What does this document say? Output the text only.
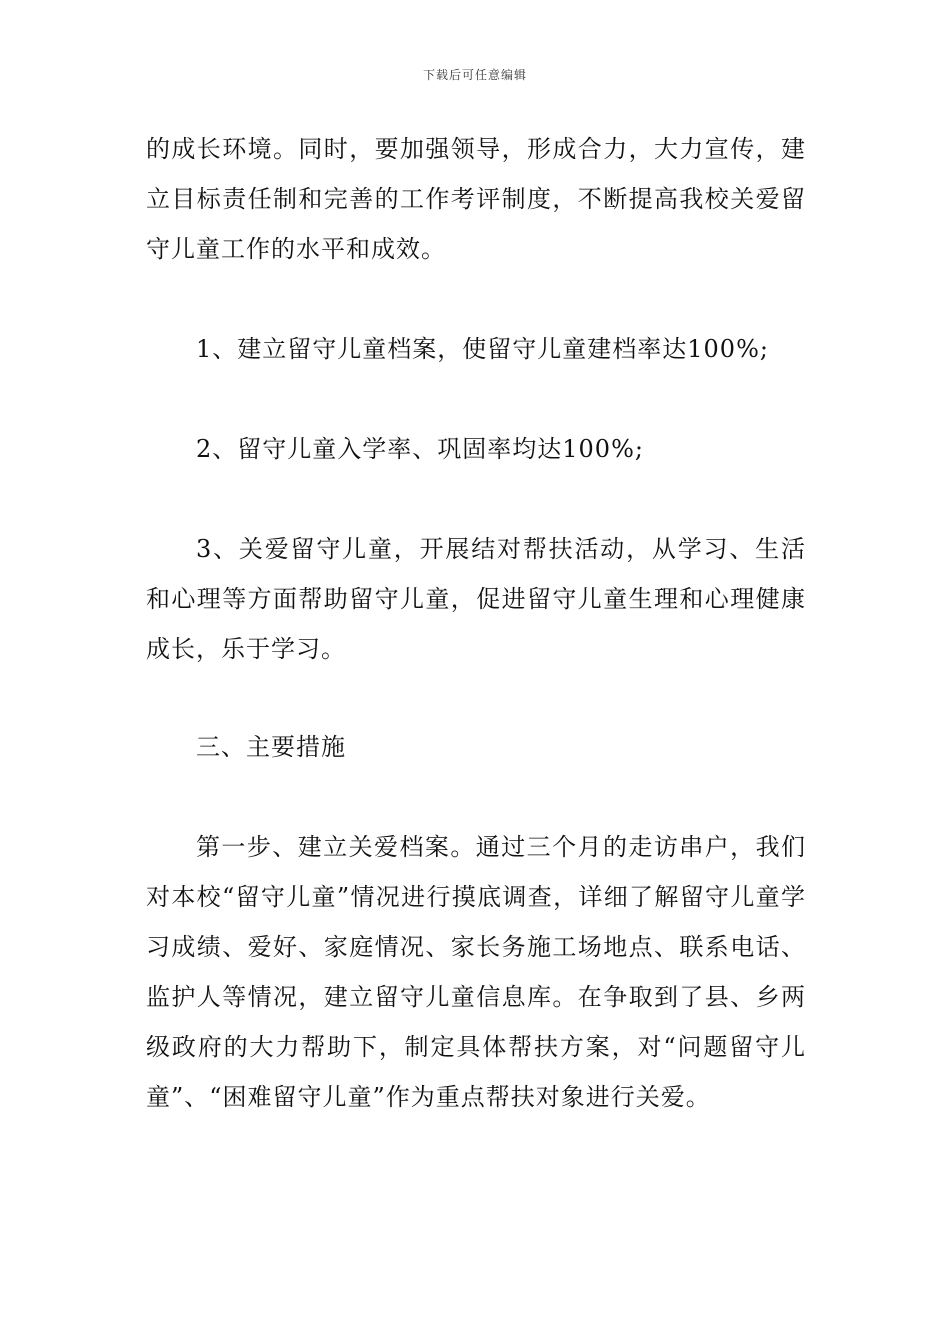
下载后可任意编辑

的成长环境。同时，要加强领导，形成合力，大力宣传，建立目标责任制和完善的工作考评制度，不断提高我校关爱留守儿童工作的水平和成效。

1、建立留守儿童档案，使留守儿童建档率达100%;

2、留守儿童入学率、巩固率均达100%;

3、关爱留守儿童，开展结对帮扶活动，从学习、生活和心理等方面帮助留守儿童，促进留守儿童生理和心理健康成长，乐于学习。

三、主要措施

第一步、建立关爱档案。通过三个月的走访串户，我们对本校“留守儿童”情况进行摸底调查，详细了解留守儿童学习成绩、爱好、家庭情况、家长务施工场地点、联系电话、监护人等情况，建立留守儿童信息库。在争取到了县、乡两级政府的大力帮助下，制定具体帮扶方案，对“问题留守儿童”、“困难留守儿童”作为重点帮扶对象进行关爱。
